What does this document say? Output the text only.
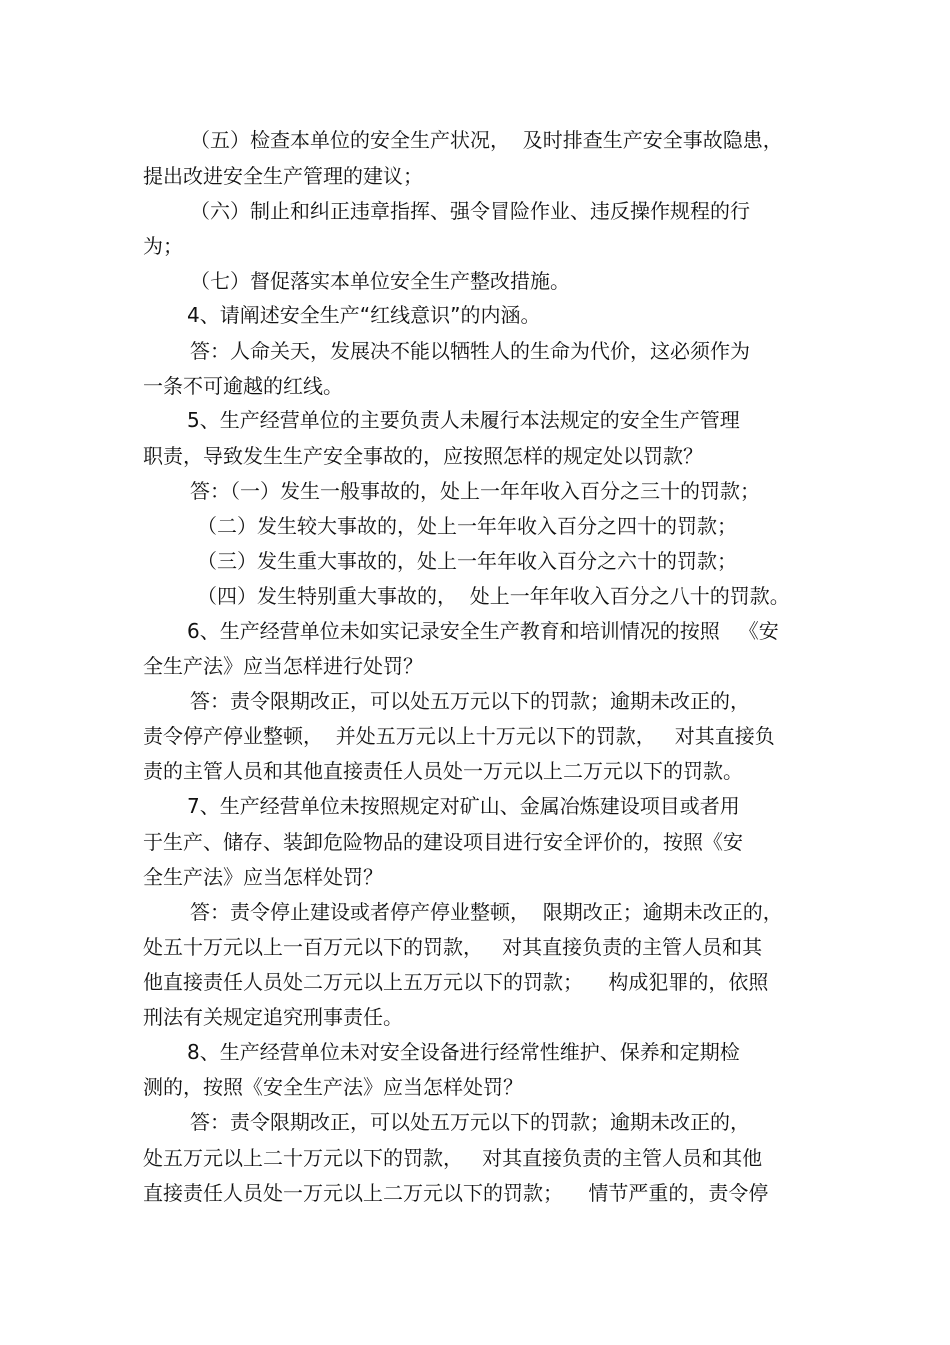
（五）检查本单位的安全生产状况，  及时排查生产安全事故隐患，
提出改进安全生产管理的建议；
（六）制止和纠正违章指挥、强令冒险作业、违反操作规程的行
为；
（七）督促落实本单位安全生产整改措施。
4、请阐述安全生产“红线意识”的内涵。
答：人命关天，发展决不能以牺牲人的生命为代价，这必须作为
一条不可逾越的红线。
5、生产经营单位的主要负责人未履行本法规定的安全生产管理
职责，导致发生生产安全事故的，应按照怎样的规定处以罚款？
答：（一）发生一般事故的，处上一年年收入百分之三十的罚款；
（二）发生较大事故的，处上一年年收入百分之四十的罚款；
（三）发生重大事故的，处上一年年收入百分之六十的罚款；
（四）发生特别重大事故的，  处上一年年收入百分之八十的罚款。
6、生产经营单位未如实记录安全生产教育和培训情况的按照   《安
全生产法》应当怎样进行处罚？
答：责令限期改正，可以处五万元以下的罚款；逾期未改正的，
责令停产停业整顿，  并处五万元以上十万元以下的罚款，   对其直接负
责的主管人员和其他直接责任人员处一万元以上二万元以下的罚款。
7、生产经营单位未按照规定对矿山、金属冶炼建设项目或者用
于生产、储存、装卸危险物品的建设项目进行安全评价的，按照《安
全生产法》应当怎样处罚？
答：责令停止建设或者停产停业整顿，  限期改正；逾期未改正的，
处五十万元以上一百万元以下的罚款，   对其直接负责的主管人员和其
他直接责任人员处二万元以上五万元以下的罚款；    构成犯罪的，依照
刑法有关规定追究刑事责任。
8、生产经营单位未对安全设备进行经常性维护、保养和定期检
测的，按照《安全生产法》应当怎样处罚？
答：责令限期改正，可以处五万元以下的罚款；逾期未改正的，
处五万元以上二十万元以下的罚款，   对其直接负责的主管人员和其他
直接责任人员处一万元以上二万元以下的罚款；    情节严重的，责令停
